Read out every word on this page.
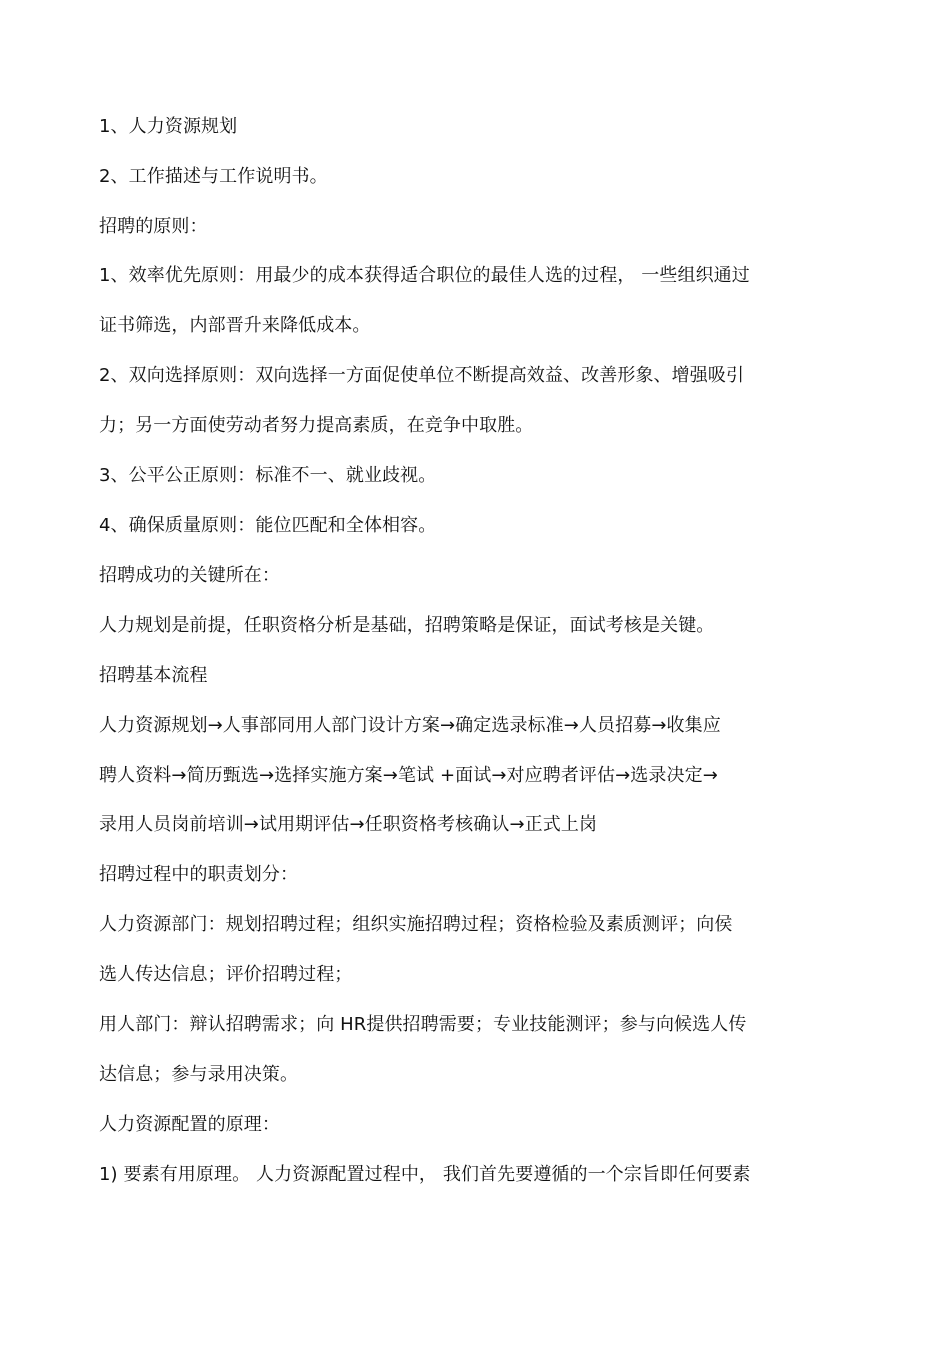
1、人力资源规划
2、工作描述与工作说明书。
招聘的原则：
1、效率优先原则：用最少的成本获得适合职位的最佳人选的过程， 一些组织通过
证书筛选，内部晋升来降低成本。
2、双向选择原则：双向选择一方面促使单位不断提高效益、改善形象、增强吸引
力；另一方面使劳动者努力提高素质，在竞争中取胜。
3、公平公正原则：标准不一、就业歧视。
4、确保质量原则：能位匹配和全体相容。
招聘成功的关键所在：
人力规划是前提，任职资格分析是基础，招聘策略是保证，面试考核是关键。
招聘基本流程
人力资源规划→人事部同用人部门设计方案→确定选录标准→人员招募→收集应
聘人资料→简历甄选→选择实施方案→笔试 +面试→对应聘者评估→选录决定→
录用人员岗前培训→试用期评估→任职资格考核确认→正式上岗
招聘过程中的职责划分：
人力资源部门：规划招聘过程；组织实施招聘过程；资格检验及素质测评；向侯
选人传达信息；评价招聘过程；
用人部门：辩认招聘需求；向 HR提供招聘需要；专业技能测评；参与向候选人传
达信息；参与录用决策。
人力资源配置的原理：
1) 要素有用原理。 人力资源配置过程中， 我们首先要遵循的一个宗旨即任何要素
